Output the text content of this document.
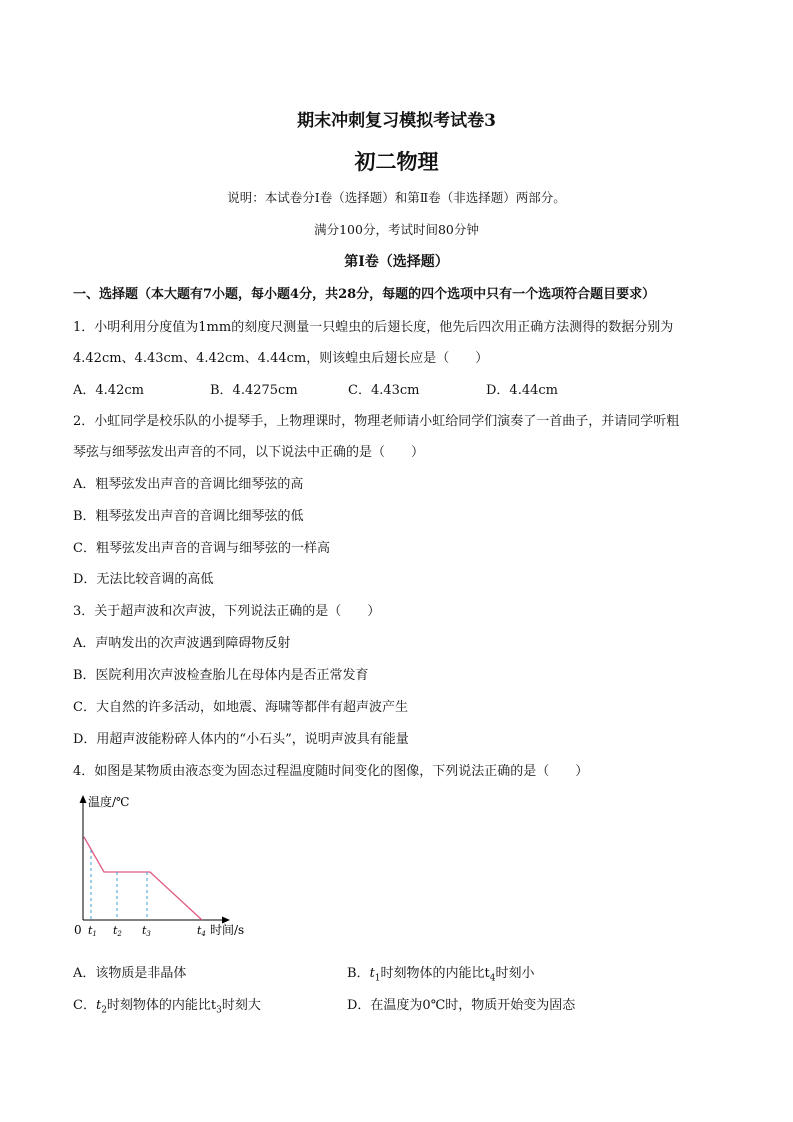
期末冲刺复习模拟考试卷3
初二物理
说明：本试卷分Ⅰ卷（选择题）和第Ⅱ卷（非选择题）两部分。
满分100分，考试时间80分钟
第Ⅰ卷（选择题）
一、选择题（本大题有7小题，每小题4分，共28分，每题的四个选项中只有一个选项符合题目要求）
1．小明利用分度值为1mm的刻度尺测量一只蝗虫的后翅长度，他先后四次用正确方法测得的数据分别为
4.42cm、4.43cm、4.42cm、4.44cm，则该蝗虫后翅长应是（　　）
A．4.42cm	B．4.4275cm	C．4.43cm	D．4.44cm
2．小虹同学是校乐队的小提琴手，上物理课时，物理老师请小虹给同学们演奏了一首曲子，并请同学听粗
琴弦与细琴弦发出声音的不同，以下说法中正确的是（　　）
A．粗琴弦发出声音的音调比细琴弦的高
B．粗琴弦发出声音的音调比细琴弦的低
C．粗琴弦发出声音的音调与细琴弦的一样高
D．无法比较音调的高低
3．关于超声波和次声波，下列说法正确的是（　　）
A．声呐发出的次声波遇到障碍物反射
B．医院利用次声波检查胎儿在母体内是否正常发育
C．大自然的许多活动，如地震、海啸等都伴有超声波产生
D．用超声波能粉碎人体内的“小石头”，说明声波具有能量
4．如图是某物质由液态变为固态过程温度随时间变化的图像，下列说法正确的是（　　）
温度/℃
0 t1 t2 t3	t4 时间/s
A．该物质是非晶体	B．$t_1$时刻物体的内能比$t_4$时刻小
C．$t_2$时刻物体的内能比$t_3$时刻大	D．在温度为0℃时，物质开始变为固态
